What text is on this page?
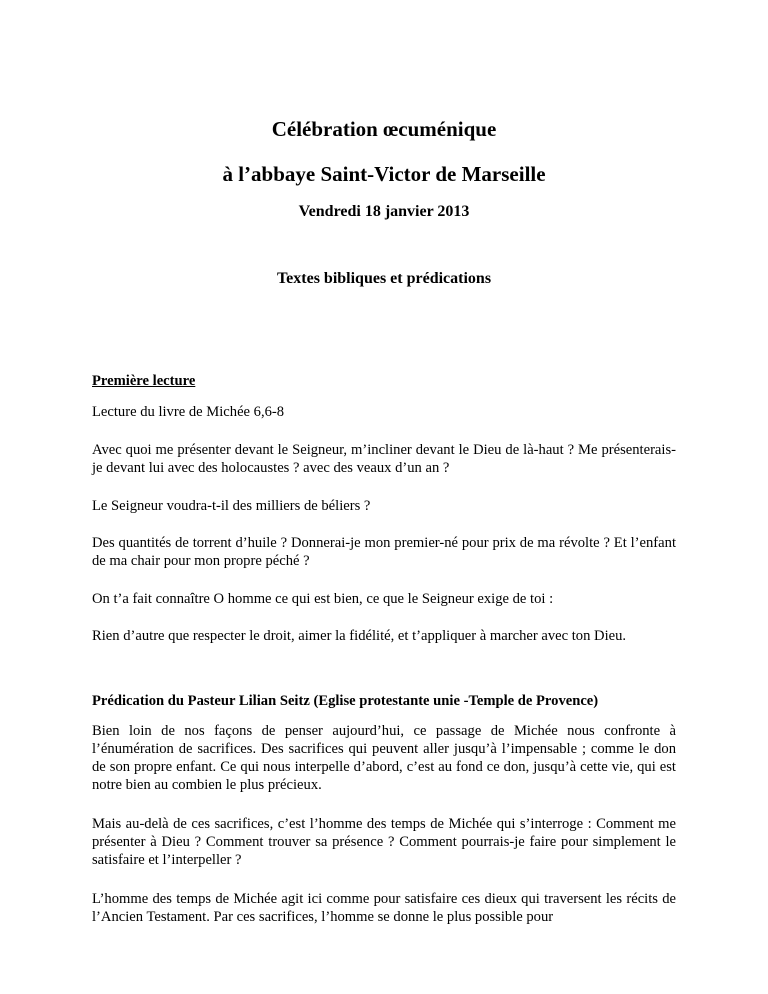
Célébration œcuménique
à l’abbaye Saint-Victor de Marseille

Vendredi 18 janvier 2013

Textes bibliques et prédications

Première lecture

Lecture du livre de Michée 6,6-8

Avec quoi me présenter devant le Seigneur, m’incliner devant le Dieu de là-haut ? Me présenterais-je devant lui avec des holocaustes ? avec des veaux d’un an ?

Le Seigneur voudra-t-il des milliers de béliers ?

Des quantités de torrent d’huile ? Donnerai-je mon premier-né pour prix de ma révolte ? Et l’enfant de ma chair pour mon propre péché ?

On t’a fait connaître O homme ce qui est bien, ce que le Seigneur exige de toi :

Rien d’autre que respecter le droit, aimer la fidélité, et t’appliquer à marcher avec ton Dieu.

Prédication du Pasteur Lilian Seitz (Eglise protestante unie -Temple de Provence)

Bien loin de nos façons de penser aujourd’hui, ce passage de Michée nous confronte à l’énumération de sacrifices. Des sacrifices qui peuvent aller jusqu’à l’impensable ; comme le don de son propre enfant. Ce qui nous interpelle d’abord, c’est au fond ce don, jusqu’à cette vie, qui est notre bien au combien le plus précieux.

Mais au-delà de ces sacrifices, c’est l’homme des temps de Michée qui s’interroge : Comment me présenter à Dieu ? Comment trouver sa présence ? Comment pourrais-je faire pour simplement le satisfaire et l’interpeller ?

L’homme des temps de Michée agit ici comme pour satisfaire ces dieux qui traversent les récits de l’Ancien Testament. Par ces sacrifices, l’homme se donne le plus possible pour
